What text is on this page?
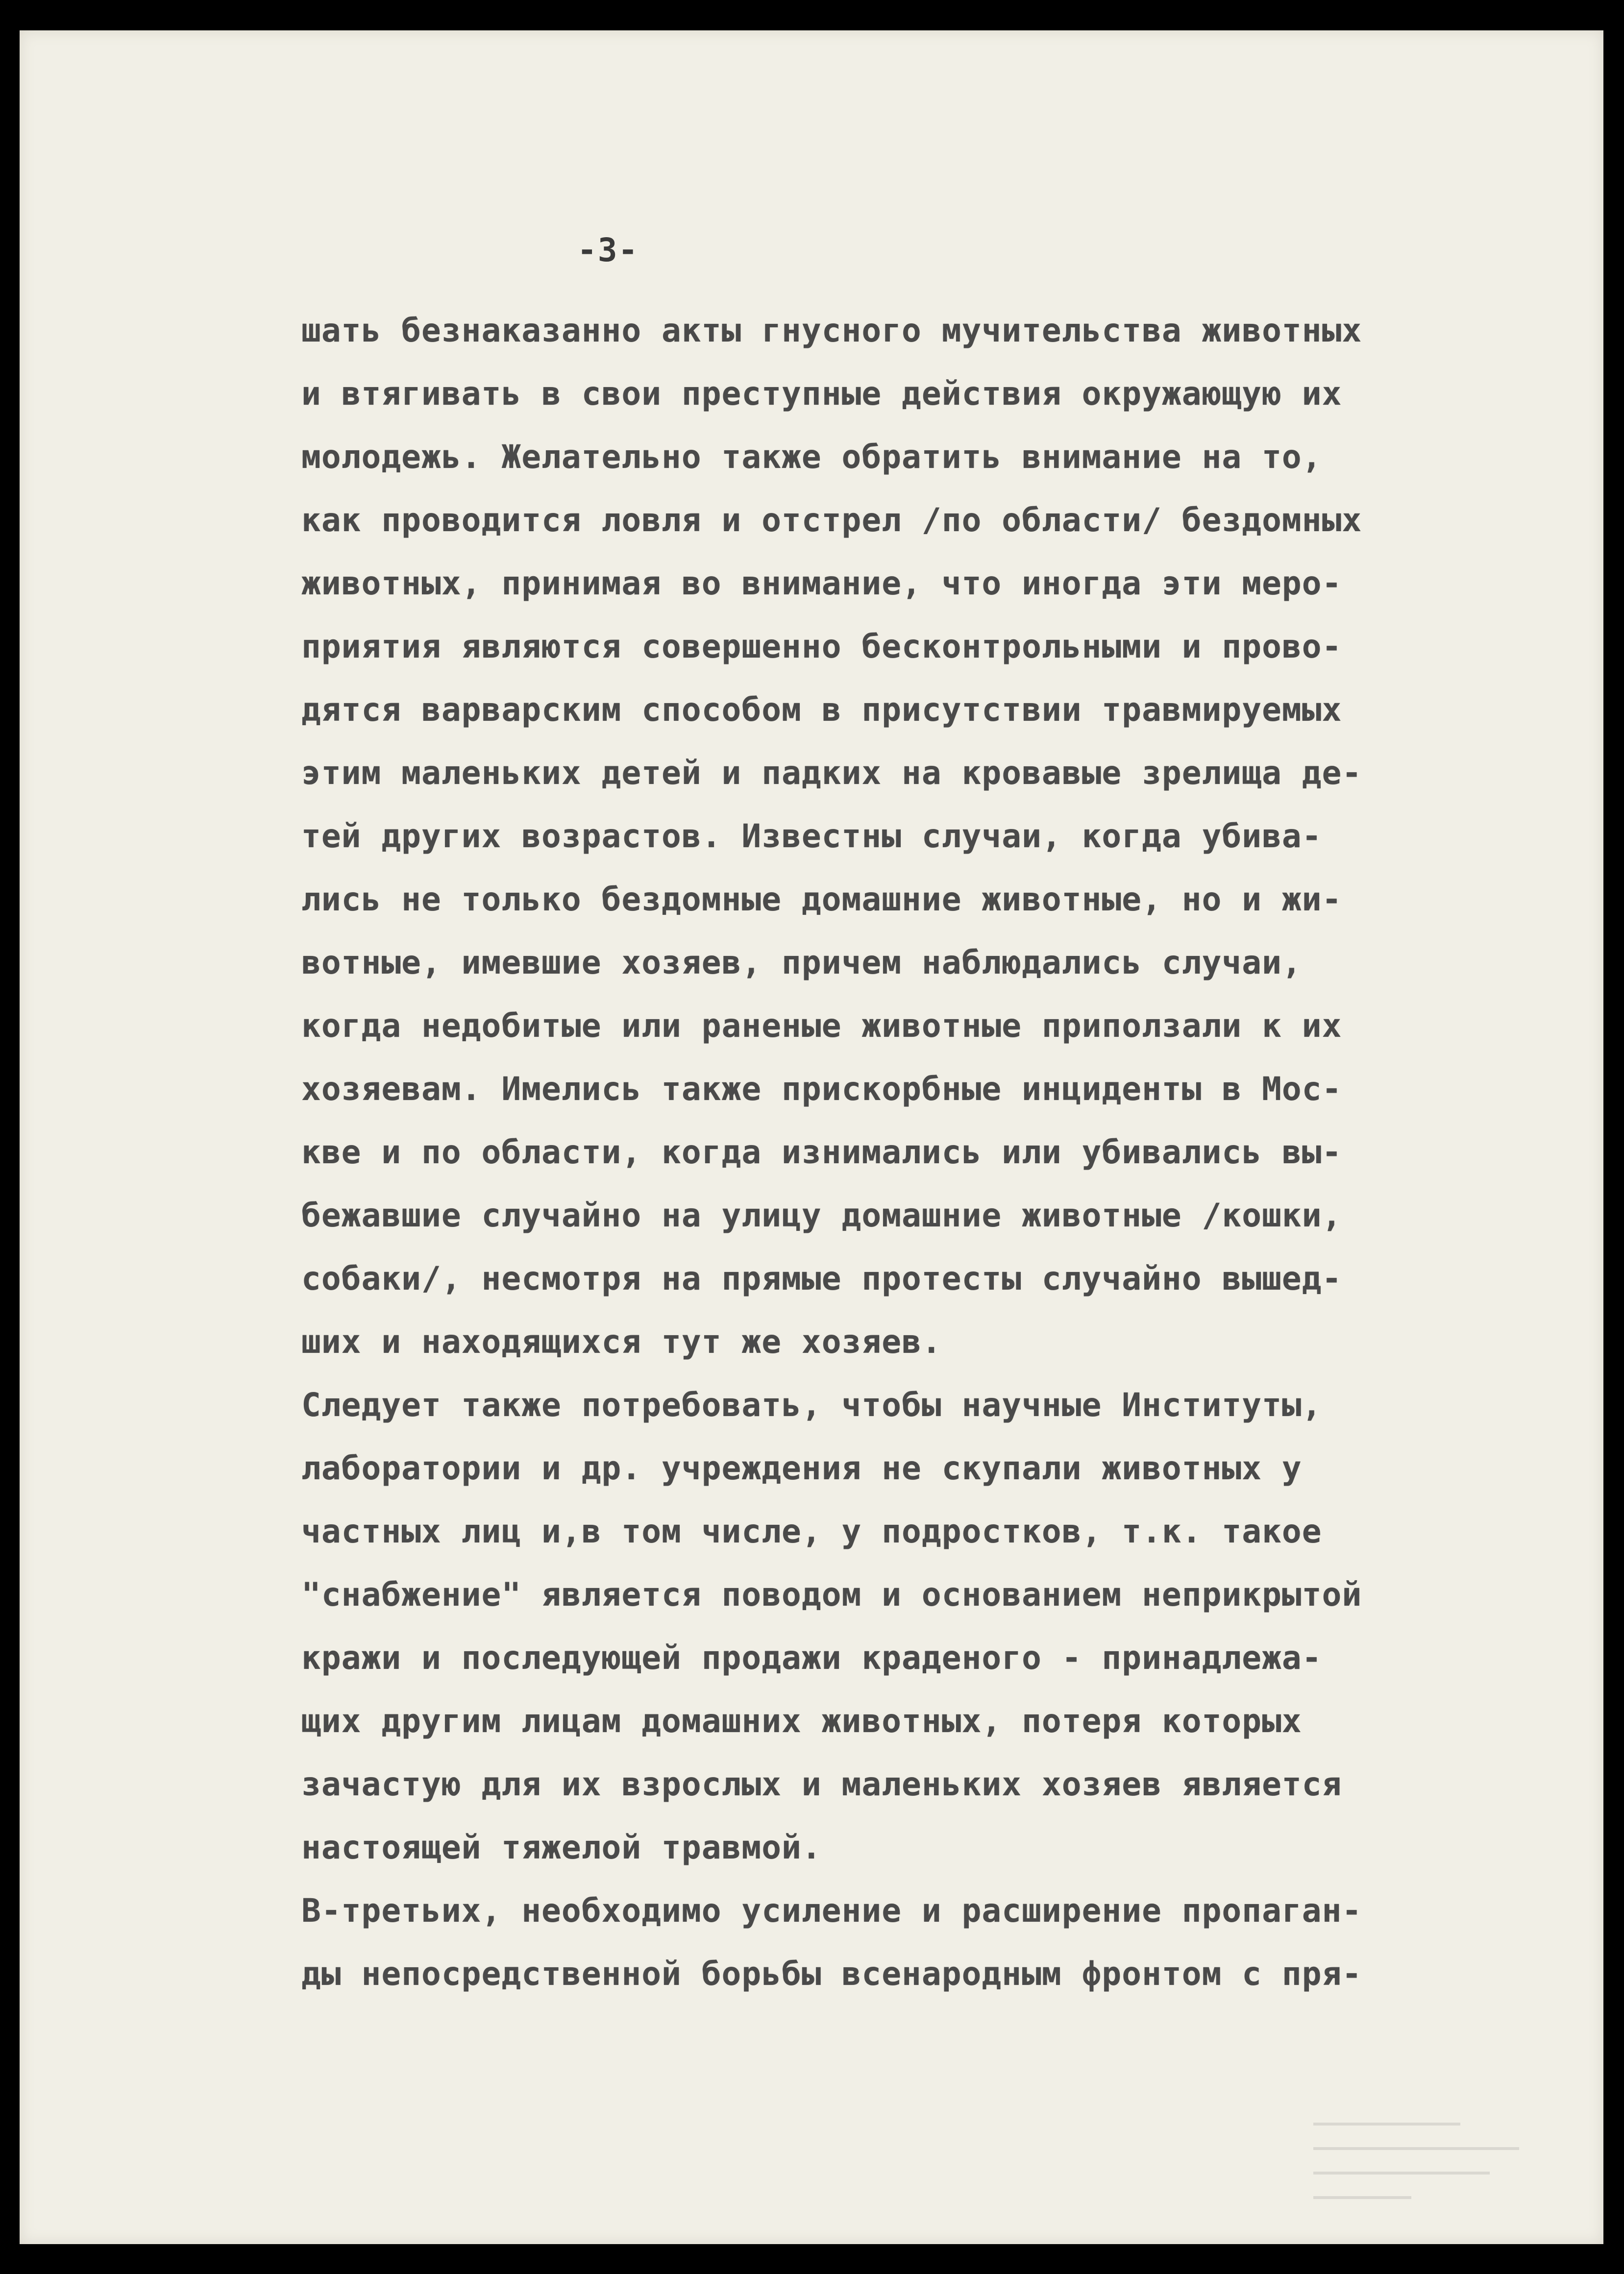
-3-
шать безнаказанно акты гнусного мучительства животных
и втягивать в свои преступные действия окружающую их
молодежь. Желательно также обратить внимание на то,
как проводится ловля и отстрел /по области/ бездомных
животных, принимая во внимание, что иногда эти меро-
приятия являются совершенно бесконтрольными и прово-
дятся варварским способом в присутствии травмируемых
этим маленьких детей и падких на кровавые зрелища де-
тей других возрастов. Известны случаи, когда убива-
лись не только бездомные домашние животные, но и жи-
вотные, имевшие хозяев, причем наблюдались случаи,
когда недобитые или раненые животные приползали к их
хозяевам. Имелись также прискорбные инциденты в Мос-
кве и по области, когда изнимались или убивались вы-
бежавшие случайно на улицу домашние животные /кошки,
собаки/, несмотря на прямые протесты случайно вышед-
ших и находящихся тут же хозяев.
Следует также потребовать, чтобы научные Институты,
лаборатории и др. учреждения не скупали животных у
частных лиц и,в том числе, у подростков, т.к. такое
"снабжение" является поводом и основанием неприкрытой
кражи и последующей продажи краденого - принадлежа-
щих другим лицам домашних животных, потеря которых
зачастую для их взрослых и маленьких хозяев является
настоящей тяжелой травмой.
В-третьих, необходимо усиление и расширение пропаган-
ды непосредственной борьбы всенародным фронтом с пря-
